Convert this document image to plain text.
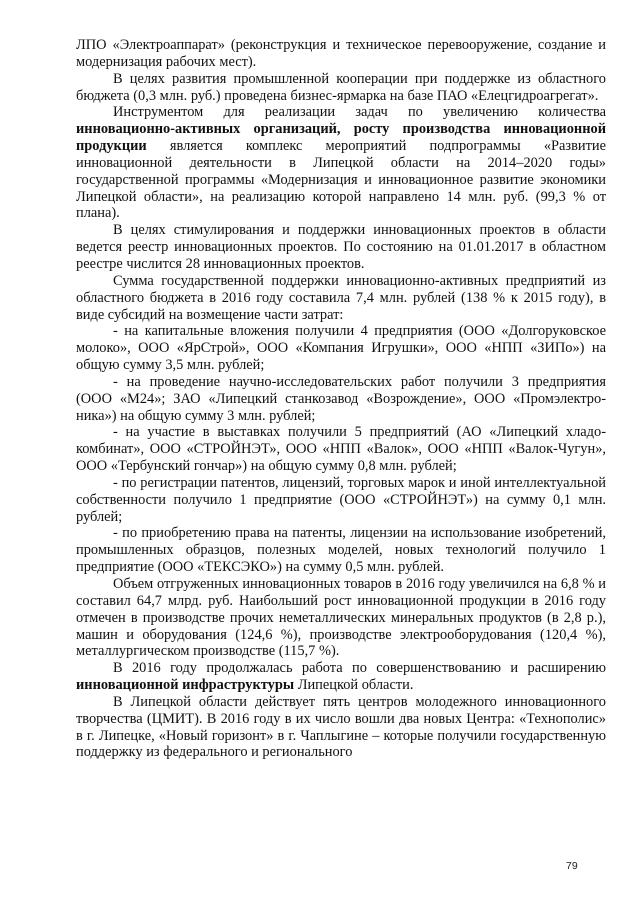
ЛПО «Электроаппарат» (реконструкция и техническое перевооружение, создание и модернизация рабочих мест).

В целях развития промышленной кооперации при поддержке из областного бюджета (0,3 млн. руб.) проведена бизнес-ярмарка на базе ПАО «Елецгидроагрегат».

Инструментом для реализации задач по увеличению количества инновационно-активных организаций, росту производства инновационной продукции является комплекс мероприятий подпрограммы «Развитие инновационной деятельности в Липецкой области на 2014–2020 годы» государственной программы «Модернизация и инновационное развитие экономики Липецкой области», на реализацию которой направлено 14 млн. руб. (99,3 % от плана).

В целях стимулирования и поддержки инновационных проектов в области ведется реестр инновационных проектов. По состоянию на 01.01.2017 в областном реестре числится 28 инновационных проектов.

Сумма государственной поддержки инновационно-активных предприятий из областного бюджета в 2016 году составила 7,4 млн. рублей (138 % к 2015 году), в виде субсидий на возмещение части затрат:

- на капитальные вложения получили 4 предприятия (ООО «Долгоруковское молоко», ООО «ЯрСтрой», ООО «Компания Игрушки», ООО «НПП «ЗИПо») на общую сумму 3,5 млн. рублей;

- на проведение научно-исследовательских работ получили 3 предприятия (ООО «М24»; ЗАО «Липецкий станкозавод «Возрождение», ООО «Промэлектроника») на общую сумму 3 млн. рублей;

- на участие в выставках получили 5 предприятий (АО «Липецкий хладокомбинат», ООО «СТРОЙНЭТ», ООО «НПП «Валок», ООО «НПП «Валок-Чугун», ООО «Тербунский гончар») на общую сумму 0,8 млн. рублей;

- по регистрации патентов, лицензий, торговых марок и иной интеллектуальной собственности получило 1 предприятие (ООО «СТРОЙНЭТ») на сумму 0,1 млн. рублей;

- по приобретению права на патенты, лицензии на использование изобретений, промышленных образцов, полезных моделей, новых технологий получило 1 предприятие (ООО «ТЕКСЭКО») на сумму 0,5 млн. рублей.

Объем отгруженных инновационных товаров в 2016 году увеличился на 6,8 % и составил 64,7 млрд. руб. Наибольший рост инновационной продукции в 2016 году отмечен в производстве прочих неметаллических минеральных продуктов (в 2,8 р.), машин и оборудования (124,6 %), производстве электрооборудования (120,4 %), металлургическом производстве (115,7 %).

В 2016 году продолжалась работа по совершенствованию и расширению инновационной инфраструктуры Липецкой области.

В Липецкой области действует пять центров молодежного инновационного творчества (ЦМИТ). В 2016 году в их число вошли два новых Центра: «Технополис» в г. Липецке, «Новый горизонт» в г. Чаплыгине – которые получили государственную поддержку из федерального и регионального

79
